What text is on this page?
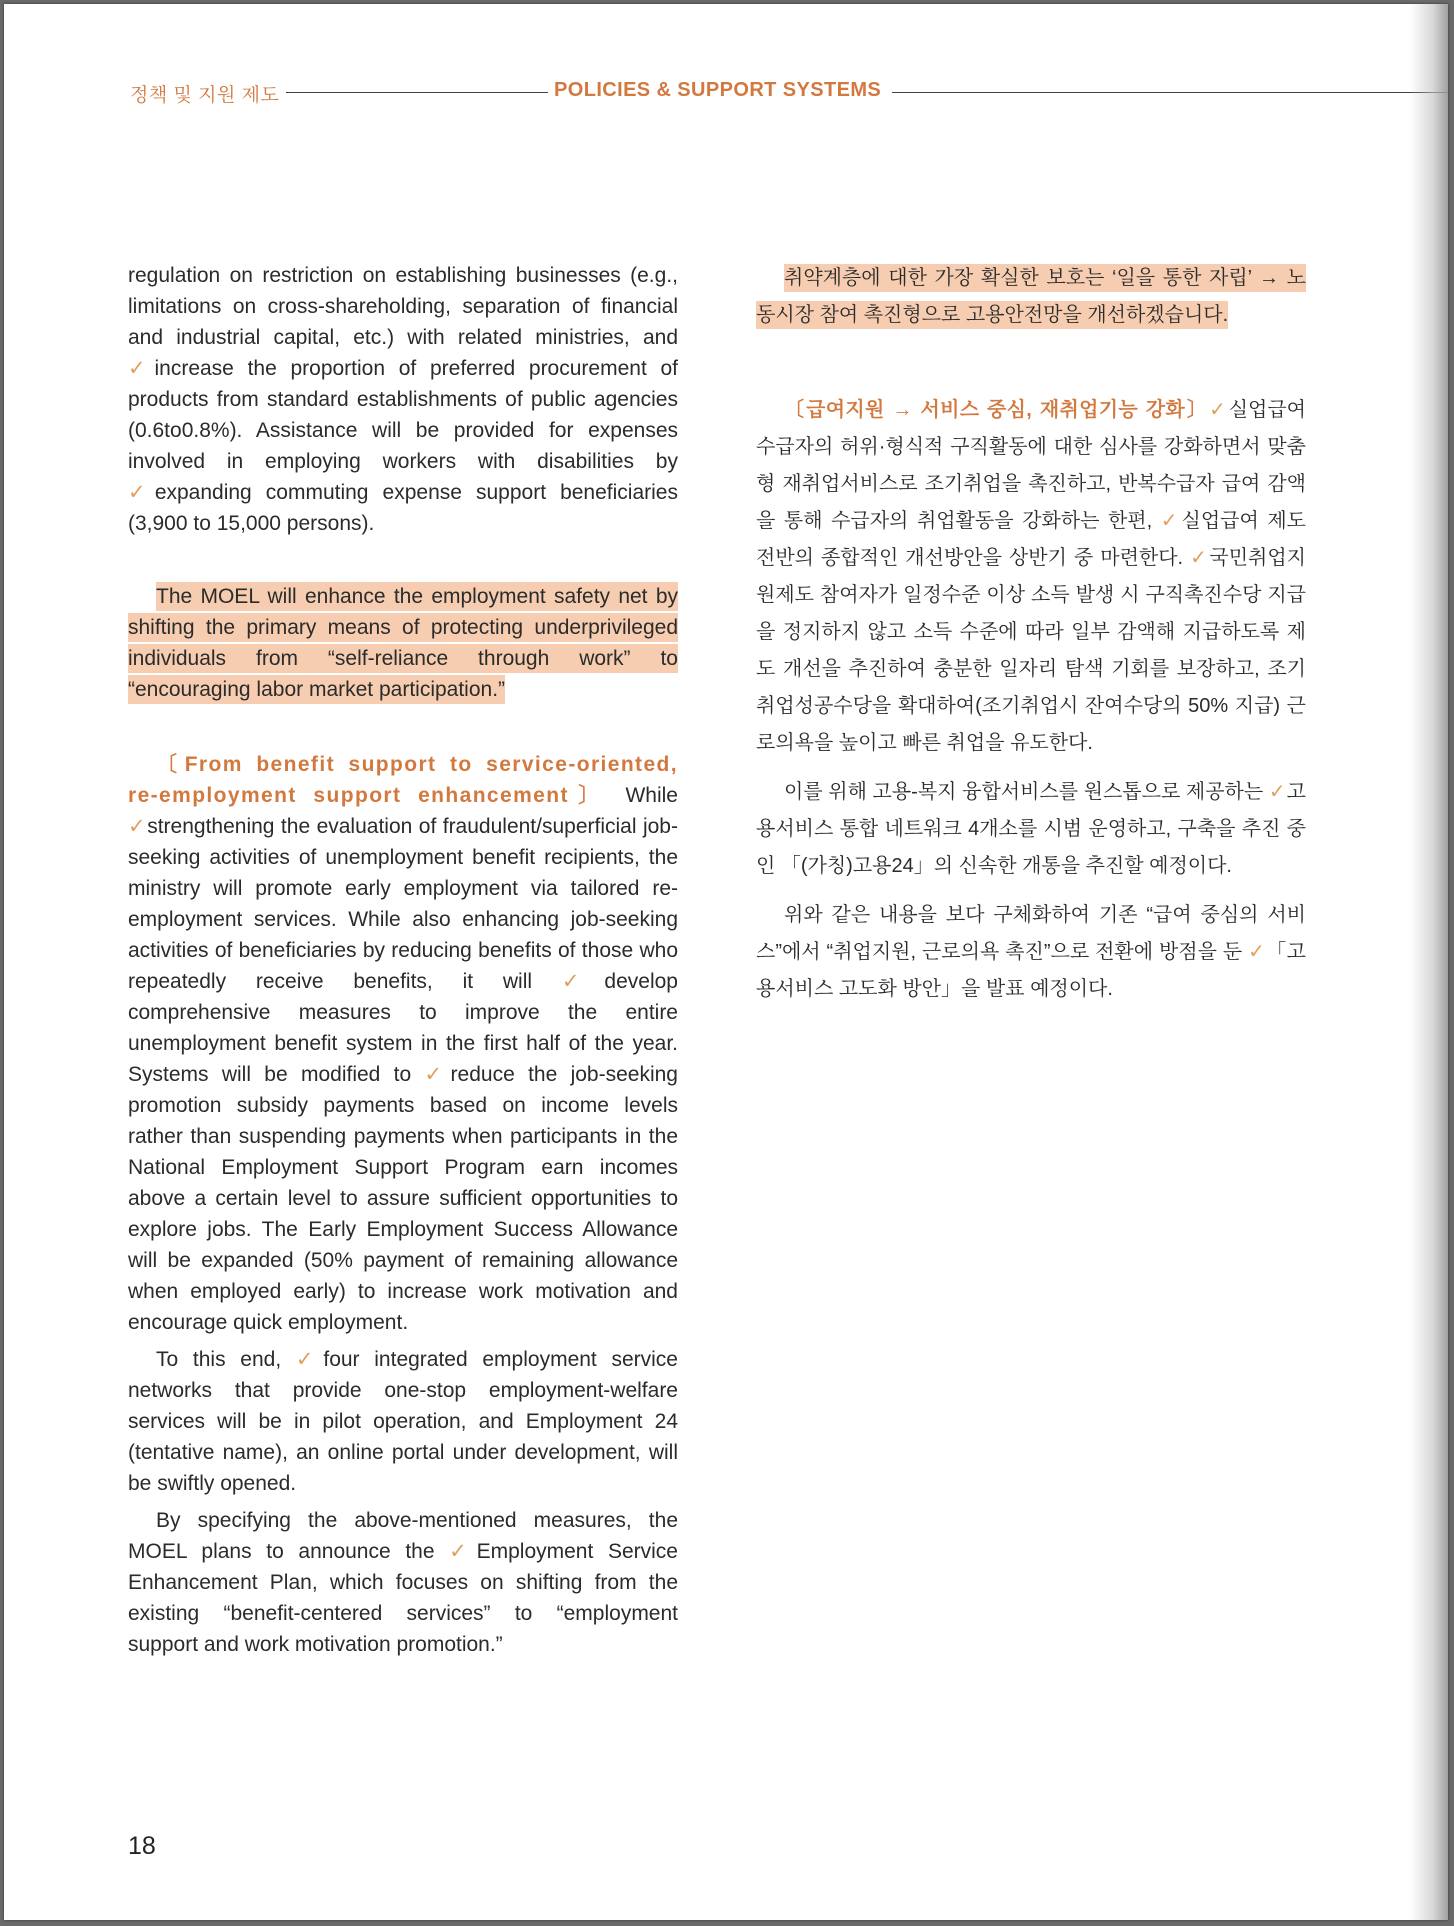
정책 및 지원 제도	POLICIES & SUPPORT SYSTEMS

regulation on restriction on establishing businesses (e.g., limitations on cross-shareholding, separation of financial and industrial capital, etc.) with related ministries, and ✓increase the proportion of preferred procurement of products from standard establishments of public agencies (0.6to0.8%). Assistance will be provided for expenses involved in employing workers with disabilities by ✓expanding commuting expense support beneficiaries (3,900 to 15,000 persons).

The MOEL will enhance the employment safety net by shifting the primary means of protecting underprivileged individuals from “self-reliance through work” to “encouraging labor market participation.”

〔From benefit support to service-oriented, re-employment support enhancement〕 While ✓strengthening the evaluation of fraudulent/superficial job-seeking activities of unemployment benefit recipients, the ministry will promote early employment via tailored re-employment services. While also enhancing job-seeking activities of beneficiaries by reducing benefits of those who repeatedly receive benefits, it will ✓develop comprehensive measures to improve the entire unemployment benefit system in the first half of the year. Systems will be modified to ✓reduce the job-seeking promotion subsidy payments based on income levels rather than suspending payments when participants in the National Employment Support Program earn incomes above a certain level to assure sufficient opportunities to explore jobs. The Early Employment Success Allowance will be expanded (50% payment of remaining allowance when employed early) to increase work motivation and encourage quick employment.

To this end, ✓four integrated employment service networks that provide one-stop employment-welfare services will be in pilot operation, and Employment 24 (tentative name), an online portal under development, will be swiftly opened.

By specifying the above-mentioned measures, the MOEL plans to announce the ✓Employment Service Enhancement Plan, which focuses on shifting from the existing “benefit-centered services” to “employment support and work motivation promotion.”

취약계층에 대한 가장 확실한 보호는 ‘일을 통한 자립’ → 노동시장 참여 촉진형으로 고용안전망을 개선하겠습니다.

〔급여지원 → 서비스 중심, 재취업기능 강화〕✓실업급여 수급자의 허위·형식적 구직활동에 대한 심사를 강화하면서 맞춤형 재취업서비스로 조기취업을 촉진하고, 반복수급자 급여 감액을 통해 수급자의 취업활동을 강화하는 한편, ✓실업급여 제도 전반의 종합적인 개선방안을 상반기 중 마련한다. ✓국민취업지원제도 참여자가 일정수준 이상 소득 발생 시 구직촉진수당 지급을 정지하지 않고 소득 수준에 따라 일부 감액해 지급하도록 제도 개선을 추진하여 충분한 일자리 탐색 기회를 보장하고, 조기취업성공수당을 확대하여(조기취업시 잔여수당의 50% 지급) 근로의욕을 높이고 빠른 취업을 유도한다.

이를 위해 고용-복지 융합서비스를 원스톱으로 제공하는 ✓고용서비스 통합 네트워크 4개소를 시범 운영하고, 구축을 추진 중인 「(가칭)고용24」의 신속한 개통을 추진할 예정이다.

위와 같은 내용을 보다 구체화하여 기존 “급여 중심의 서비스”에서 “취업지원, 근로의욕 촉진”으로 전환에 방점을 둔 ✓「고용서비스 고도화 방안」을 발표 예정이다.

18
